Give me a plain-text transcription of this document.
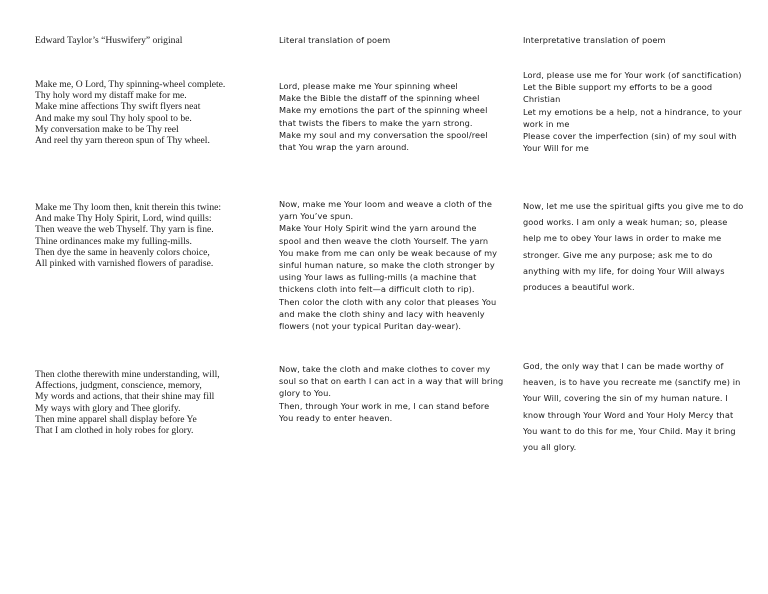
Edward Taylor’s “Huswifery” original	Literal translation of poem	Interpretative translation of poem
Make me, O Lord, Thy spinning-wheel complete.
Thy holy word my distaff make for me.
Make mine affections Thy swift flyers neat
And make my soul Thy holy spool to be.
My conversation make to be Thy reel
And reel thy yarn thereon spun of Thy wheel.
Lord, please make me Your spinning wheel
Make the Bible the distaff of the spinning wheel
Make my emotions the part of the spinning wheel
that twists the fibers to make the yarn strong.
Make my soul and my conversation the spool/reel
that You wrap the yarn around.
Lord, please use me for Your work (of sanctification)
Let the Bible support my efforts to be a good
Christian
Let my emotions be a help, not a hindrance, to your
work in me
Please cover the imperfection (sin) of my soul with
Your Will for me
Make me Thy loom then, knit therein this twine:
And make Thy Holy Spirit, Lord, wind quills:
Then weave the web Thyself. Thy yarn is fine.
Thine ordinances make my fulling-mills.
Then dye the same in heavenly colors choice,
All pinked with varnished flowers of paradise.
Now, make me Your loom and weave a cloth of the
yarn You’ve spun.
Make Your Holy Spirit wind the yarn around the
spool and then weave the cloth Yourself. The yarn
You make from me can only be weak because of my
sinful human nature, so make the cloth stronger by
using Your laws as fulling-mills (a machine that
thickens cloth into felt—a difficult cloth to rip).
Then color the cloth with any color that pleases You
and make the cloth shiny and lacy with heavenly
flowers (not your typical Puritan day-wear).
Now, let me use the spiritual gifts you give me to do
good works. I am only a weak human; so, please
help me to obey Your laws in order to make me
stronger. Give me any purpose; ask me to do
anything with my life, for doing Your Will always
produces a beautiful work.
Then clothe therewith mine understanding, will,
Affections, judgment, conscience, memory,
My words and actions, that their shine may fill
My ways with glory and Thee glorify.
Then mine apparel shall display before Ye
That I am clothed in holy robes for glory.
Now, take the cloth and make clothes to cover my
soul so that on earth I can act in a way that will bring
glory to You.
Then, through Your work in me, I can stand before
You ready to enter heaven.
God, the only way that I can be made worthy of
heaven, is to have you recreate me (sanctify me) in
Your Will, covering the sin of my human nature. I
know through Your Word and Your Holy Mercy that
You want to do this for me, Your Child. May it bring
you all glory.
